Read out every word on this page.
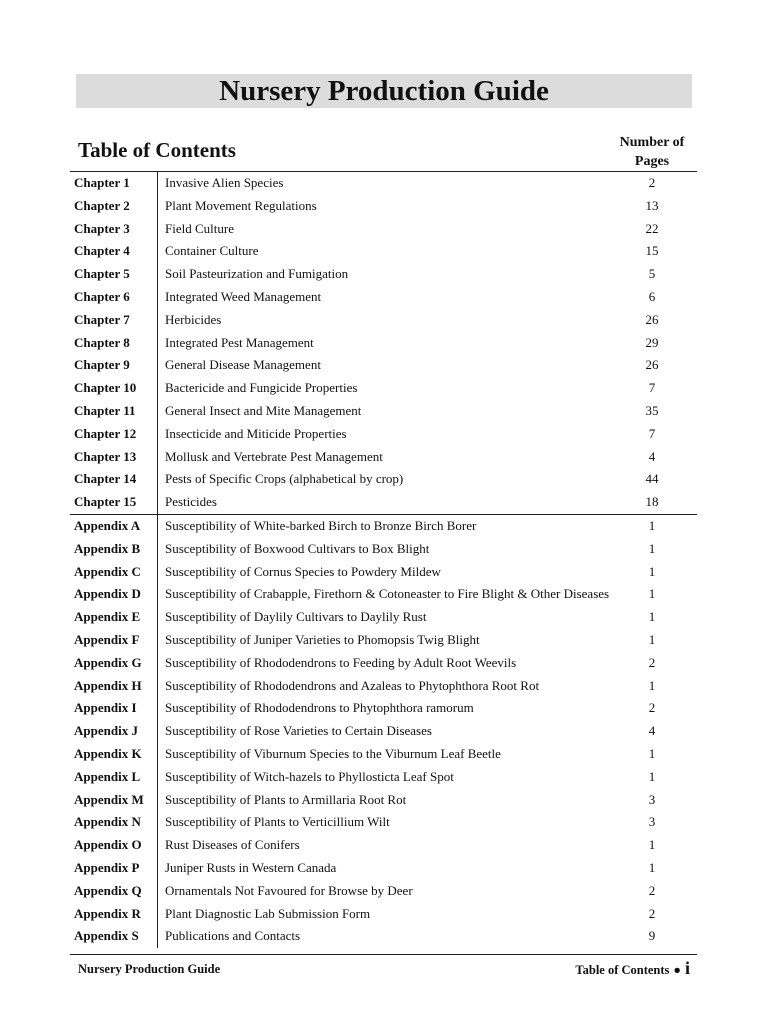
Nursery Production Guide
Table of Contents	Number of Pages
Chapter 1	Invasive Alien Species	2
Chapter 2	Plant Movement Regulations	13
Chapter 3	Field Culture	22
Chapter 4	Container Culture	15
Chapter 5	Soil Pasteurization and Fumigation	5
Chapter 6	Integrated Weed Management	6
Chapter 7	Herbicides	26
Chapter 8	Integrated Pest Management	29
Chapter 9	General Disease Management	26
Chapter 10 Bactericide and Fungicide Properties	7
Chapter 11 General Insect and Mite Management	35
Chapter 12 Insecticide and Miticide Properties	7
Chapter 13 Mollusk and Vertebrate Pest Management	4
Chapter 14 Pests of Specific Crops (alphabetical by crop)	44
Chapter 15 Pesticides	18
Appendix A Susceptibility of White-barked Birch to Bronze Birch Borer	1
Appendix B Susceptibility of Boxwood Cultivars to Box Blight	1
Appendix C Susceptibility of Cornus Species to Powdery Mildew	1
Appendix D Susceptibility of Crabapple, Firethorn & Cotoneaster to Fire Blight & Other Diseases	1
Appendix E Susceptibility of Daylily Cultivars to Daylily Rust	1
Appendix F Susceptibility of Juniper Varieties to Phomopsis Twig Blight	1
Appendix G Susceptibility of Rhododendrons to Feeding by Adult Root Weevils	2
Appendix H Susceptibility of Rhododendrons and Azaleas to Phytophthora Root Rot	1
Appendix I Susceptibility of Rhododendrons to Phytophthora ramorum	2
Appendix J Susceptibility of Rose Varieties to Certain Diseases	4
Appendix K Susceptibility of Viburnum Species to the Viburnum Leaf Beetle	1
Appendix L Susceptibility of Witch-hazels to Phyllosticta Leaf Spot	1
Appendix M Susceptibility of Plants to Armillaria Root Rot	3
Appendix N Susceptibility of Plants to Verticillium Wilt	3
Appendix O Rust Diseases of Conifers	1
Appendix P Juniper Rusts in Western Canada	1
Appendix Q Ornamentals Not Favoured for Browse by Deer	2
Appendix R Plant Diagnostic Lab Submission Form	2
Appendix S Publications and Contacts	9
Nursery Production Guide	Table of Contents ● i
